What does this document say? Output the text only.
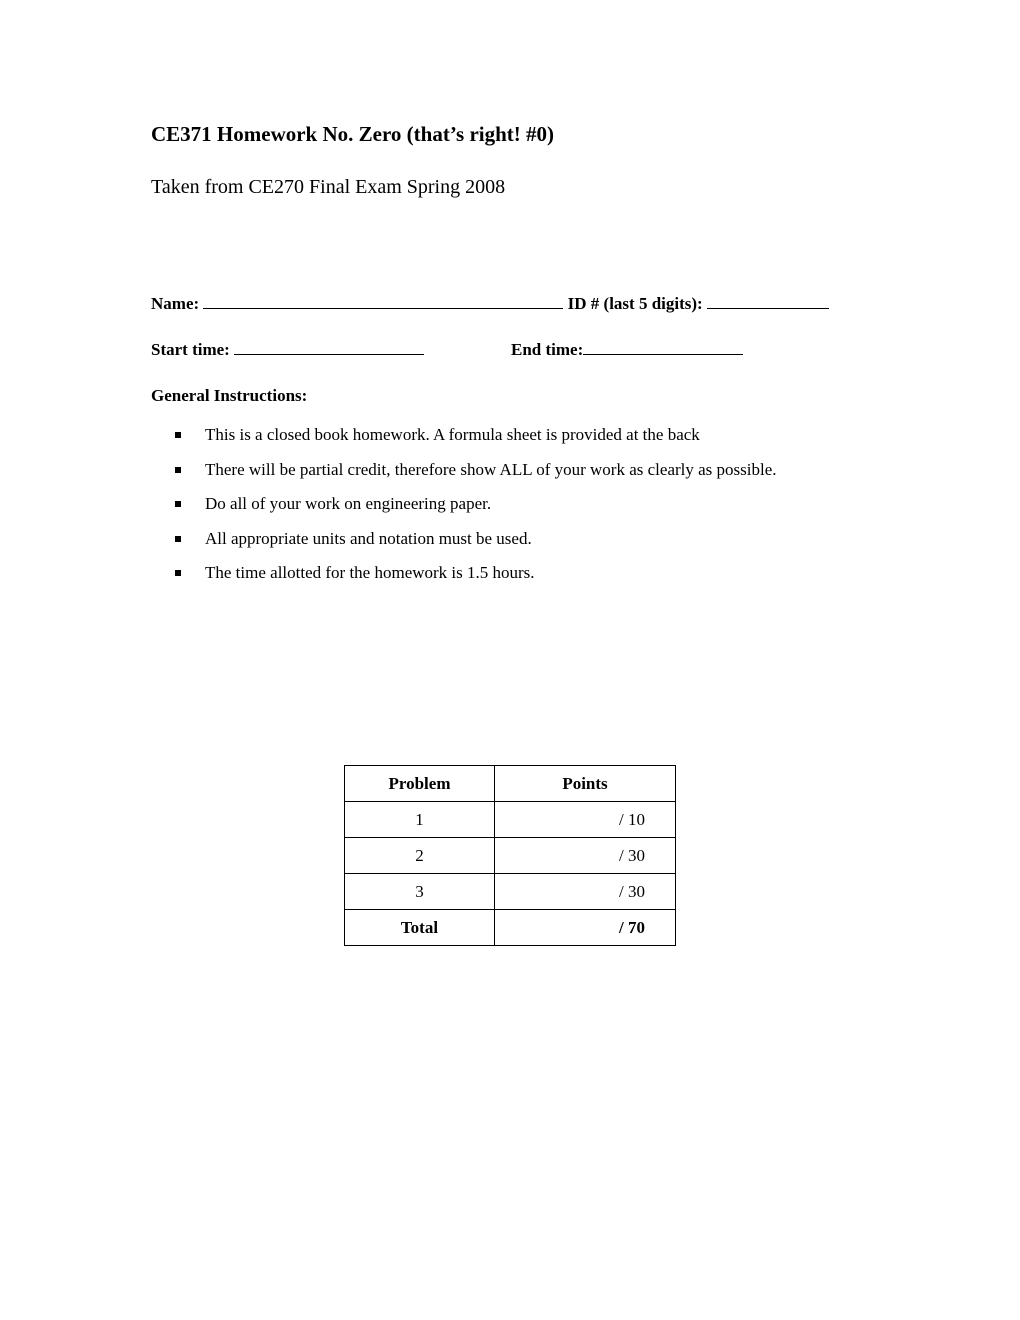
CE371 Homework No. Zero (that’s right! #0)
Taken from CE270 Final Exam Spring 2008
Name:	ID # (last 5 digits):
Start time:	End time:
General Instructions:
This is a closed book homework. A formula sheet is provided at the back
There will be partial credit, therefore show ALL of your work as clearly as possible.
Do all of your work on engineering paper.
All appropriate units and notation must be used.
The time allotted for the homework is 1.5 hours.
Problem	Points
1	/ 10
2	/ 30
3	/ 30
Total	/ 70
